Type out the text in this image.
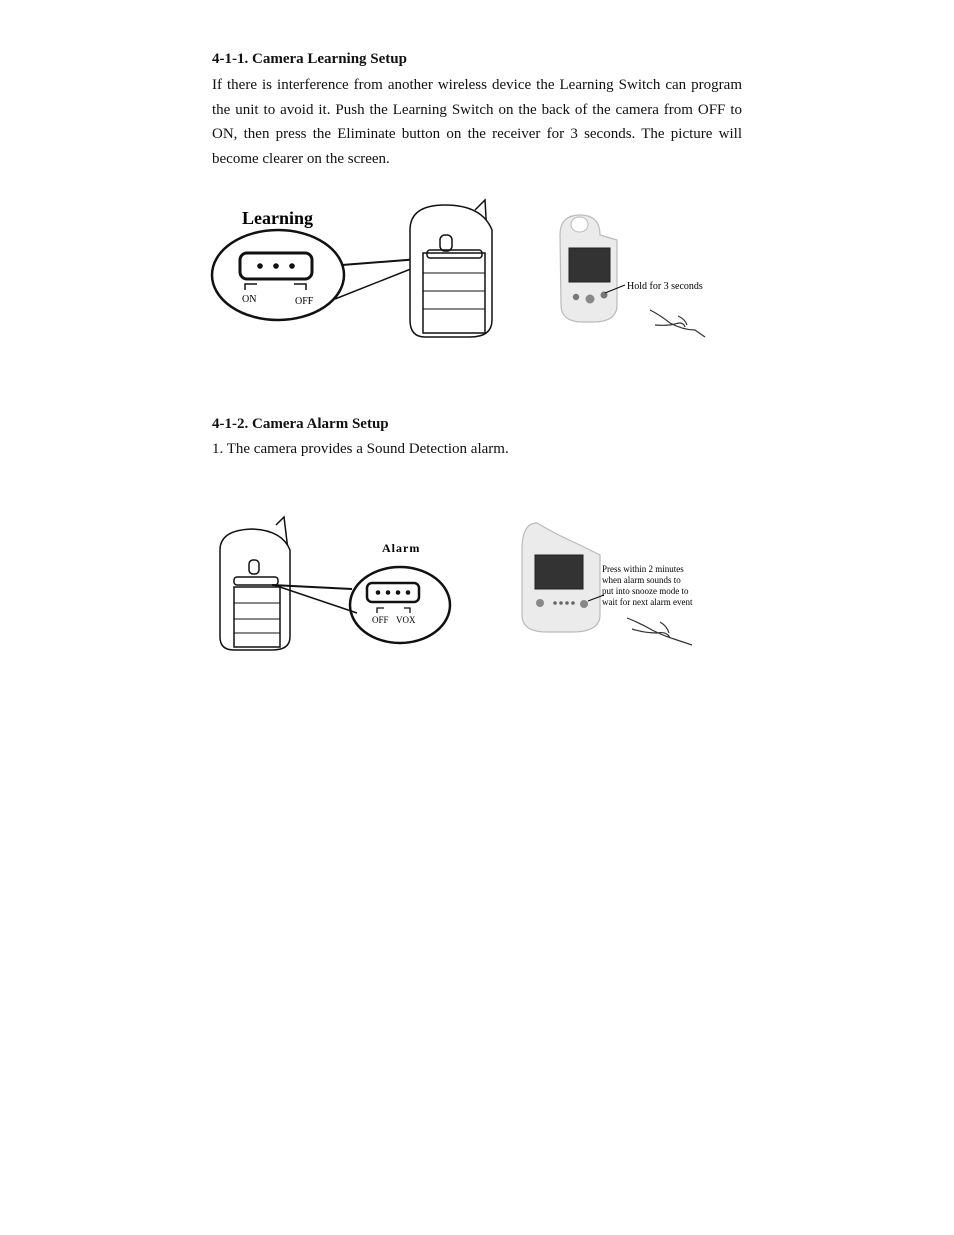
4-1-1. Camera Learning Setup

If there is interference from another wireless device the Learning Switch can program the unit to avoid it. Push the Learning Switch on the back of the camera from OFF to ON, then press the Eliminate button on the receiver for 3 seconds. The picture will become clearer on the screen.

Learning
ON	OFF
Hold for 3 seconds
4-1-2. Camera Alarm Setup

1. The camera provides a Sound Detection alarm.

Alarm
OFF VOX
Press within 2 minutes when alarm sounds to put into snooze mode to wait for next alarm event
